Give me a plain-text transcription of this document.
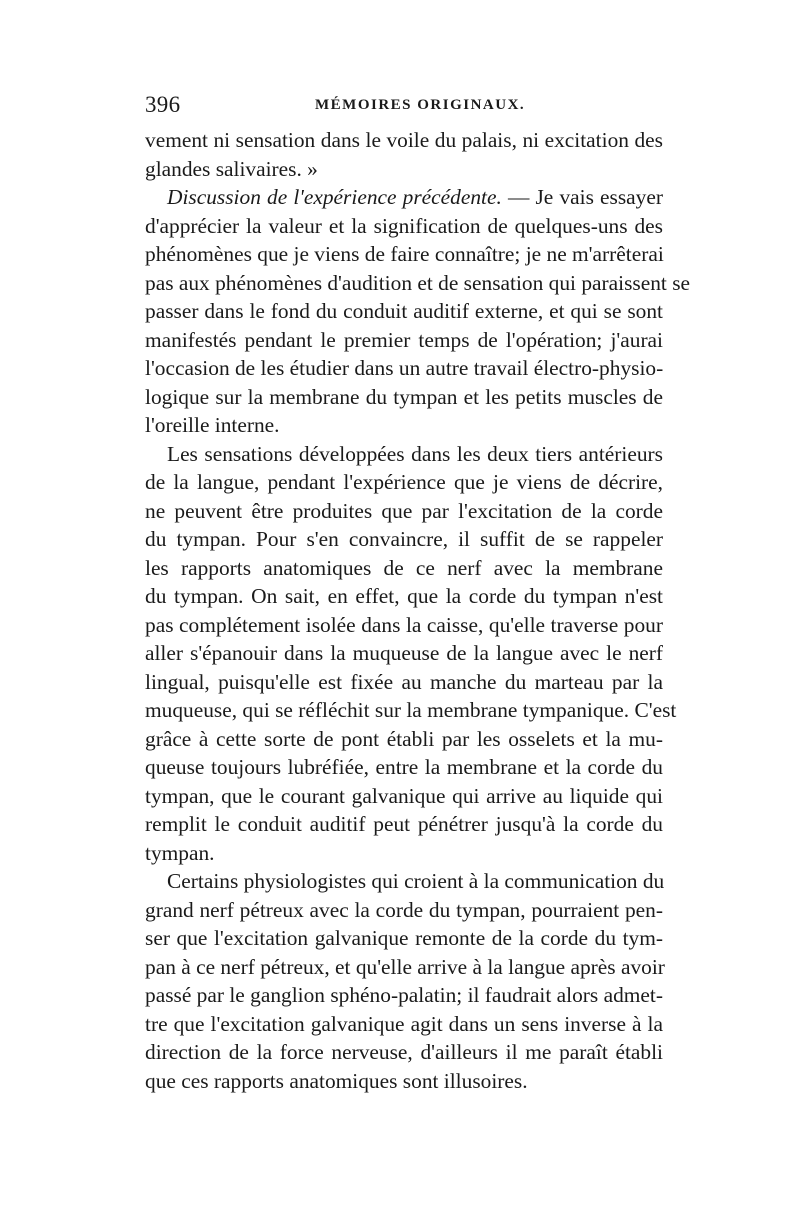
396	MÉMOIRES ORIGINAUX.

vement ni sensation dans le voile du palais, ni excitation des
glandes salivaires. »

Discussion de l'expérience précédente. — Je vais essayer
d'apprécier la valeur et la signification de quelques-uns des
phénomènes que je viens de faire connaître; je ne m'arrêterai
pas aux phénomènes d'audition et de sensation qui paraissent se
passer dans le fond du conduit auditif externe, et qui se sont
manifestés pendant le premier temps de l'opération; j'aurai
l'occasion de les étudier dans un autre travail électro-physio-
logique sur la membrane du tympan et les petits muscles de
l'oreille interne.

Les sensations développées dans les deux tiers antérieurs
de la langue, pendant l'expérience que je viens de décrire,
ne peuvent être produites que par l'excitation de la corde
du tympan. Pour s'en convaincre, il suffit de se rappeler
les rapports anatomiques de ce nerf avec la membrane
du tympan. On sait, en effet, que la corde du tympan n'est
pas complétement isolée dans la caisse, qu'elle traverse pour
aller s'épanouir dans la muqueuse de la langue avec le nerf
lingual, puisqu'elle est fixée au manche du marteau par la
muqueuse, qui se réfléchit sur la membrane tympanique. C'est
grâce à cette sorte de pont établi par les osselets et la mu-
queuse toujours lubréfiée, entre la membrane et la corde du
tympan, que le courant galvanique qui arrive au liquide qui
remplit le conduit auditif peut pénétrer jusqu'à la corde du
tympan.

Certains physiologistes qui croient à la communication du
grand nerf pétreux avec la corde du tympan, pourraient pen-
ser que l'excitation galvanique remonte de la corde du tym-
pan à ce nerf pétreux, et qu'elle arrive à la langue après avoir
passé par le ganglion sphéno-palatin; il faudrait alors admet-
tre que l'excitation galvanique agit dans un sens inverse à la
direction de la force nerveuse, d'ailleurs il me paraît établi
que ces rapports anatomiques sont illusoires.
